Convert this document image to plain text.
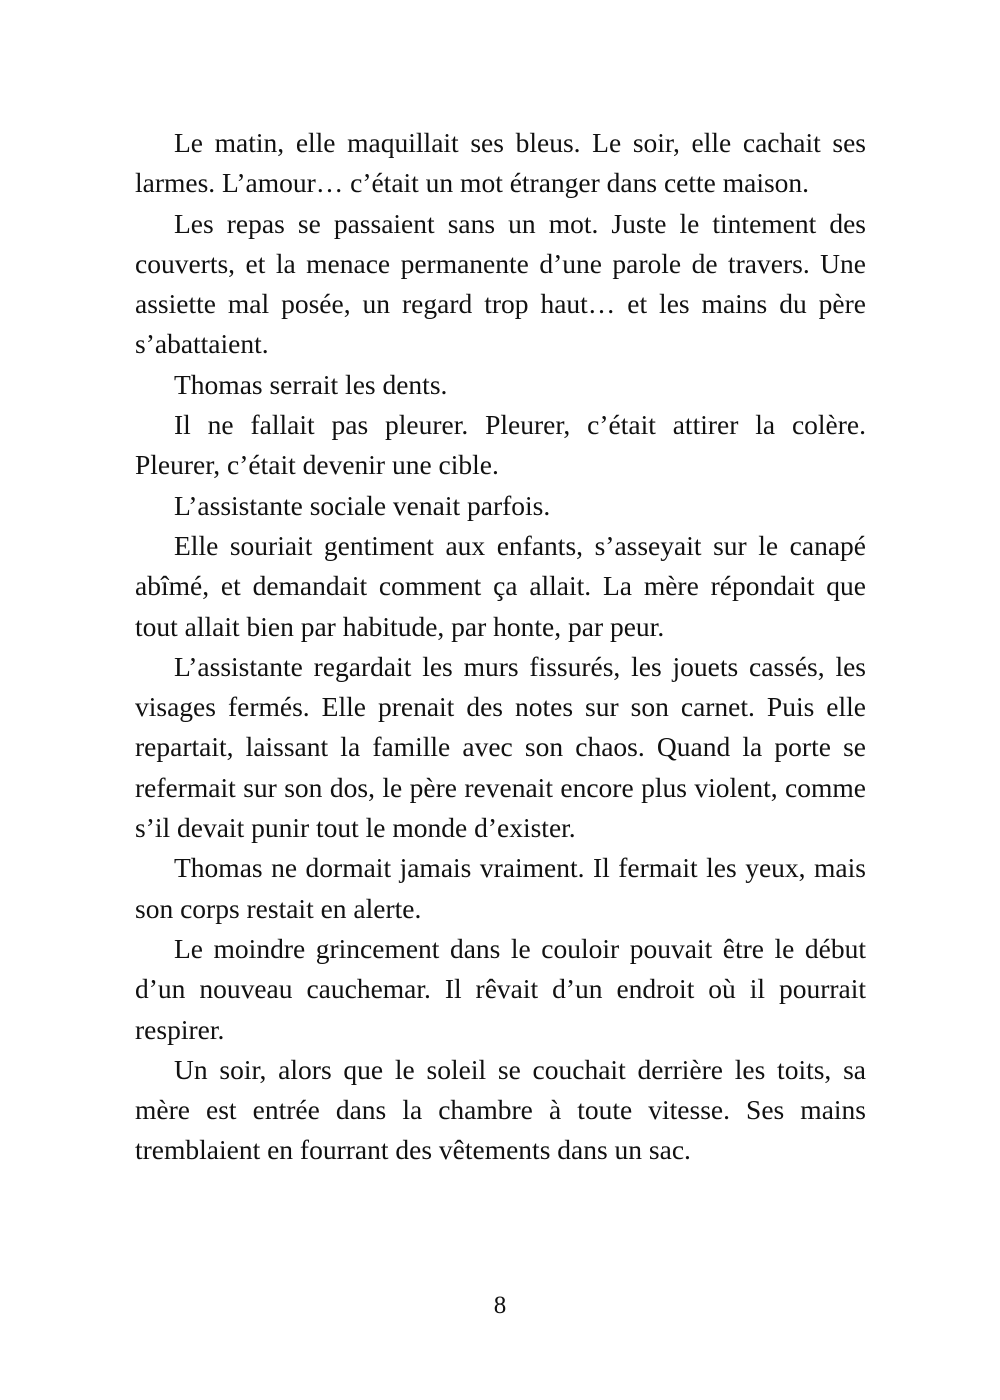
Le matin, elle maquillait ses bleus. Le soir, elle cachait ses larmes. L’amour… c’était un mot étranger dans cette maison.

Les repas se passaient sans un mot. Juste le tintement des couverts, et la menace permanente d’une parole de travers. Une assiette mal posée, un regard trop haut… et les mains du père s’abattaient.

Thomas serrait les dents.

Il ne fallait pas pleurer. Pleurer, c’était attirer la colère. Pleurer, c’était devenir une cible.

L’assistante sociale venait parfois.

Elle souriait gentiment aux enfants, s’asseyait sur le canapé abîmé, et demandait comment ça allait. La mère répondait que tout allait bien par habitude, par honte, par peur.

L’assistante regardait les murs fissurés, les jouets cassés, les visages fermés. Elle prenait des notes sur son carnet. Puis elle repartait, laissant la famille avec son chaos. Quand la porte se refermait sur son dos, le père revenait encore plus violent, comme s’il devait punir tout le monde d’exister.

Thomas ne dormait jamais vraiment. Il fermait les yeux, mais son corps restait en alerte.

Le moindre grincement dans le couloir pouvait être le début d’un nouveau cauchemar. Il rêvait d’un endroit où il pourrait respirer.

Un soir, alors que le soleil se couchait derrière les toits, sa mère est entrée dans la chambre à toute vitesse. Ses mains tremblaient en fourrant des vêtements dans un sac.

8
